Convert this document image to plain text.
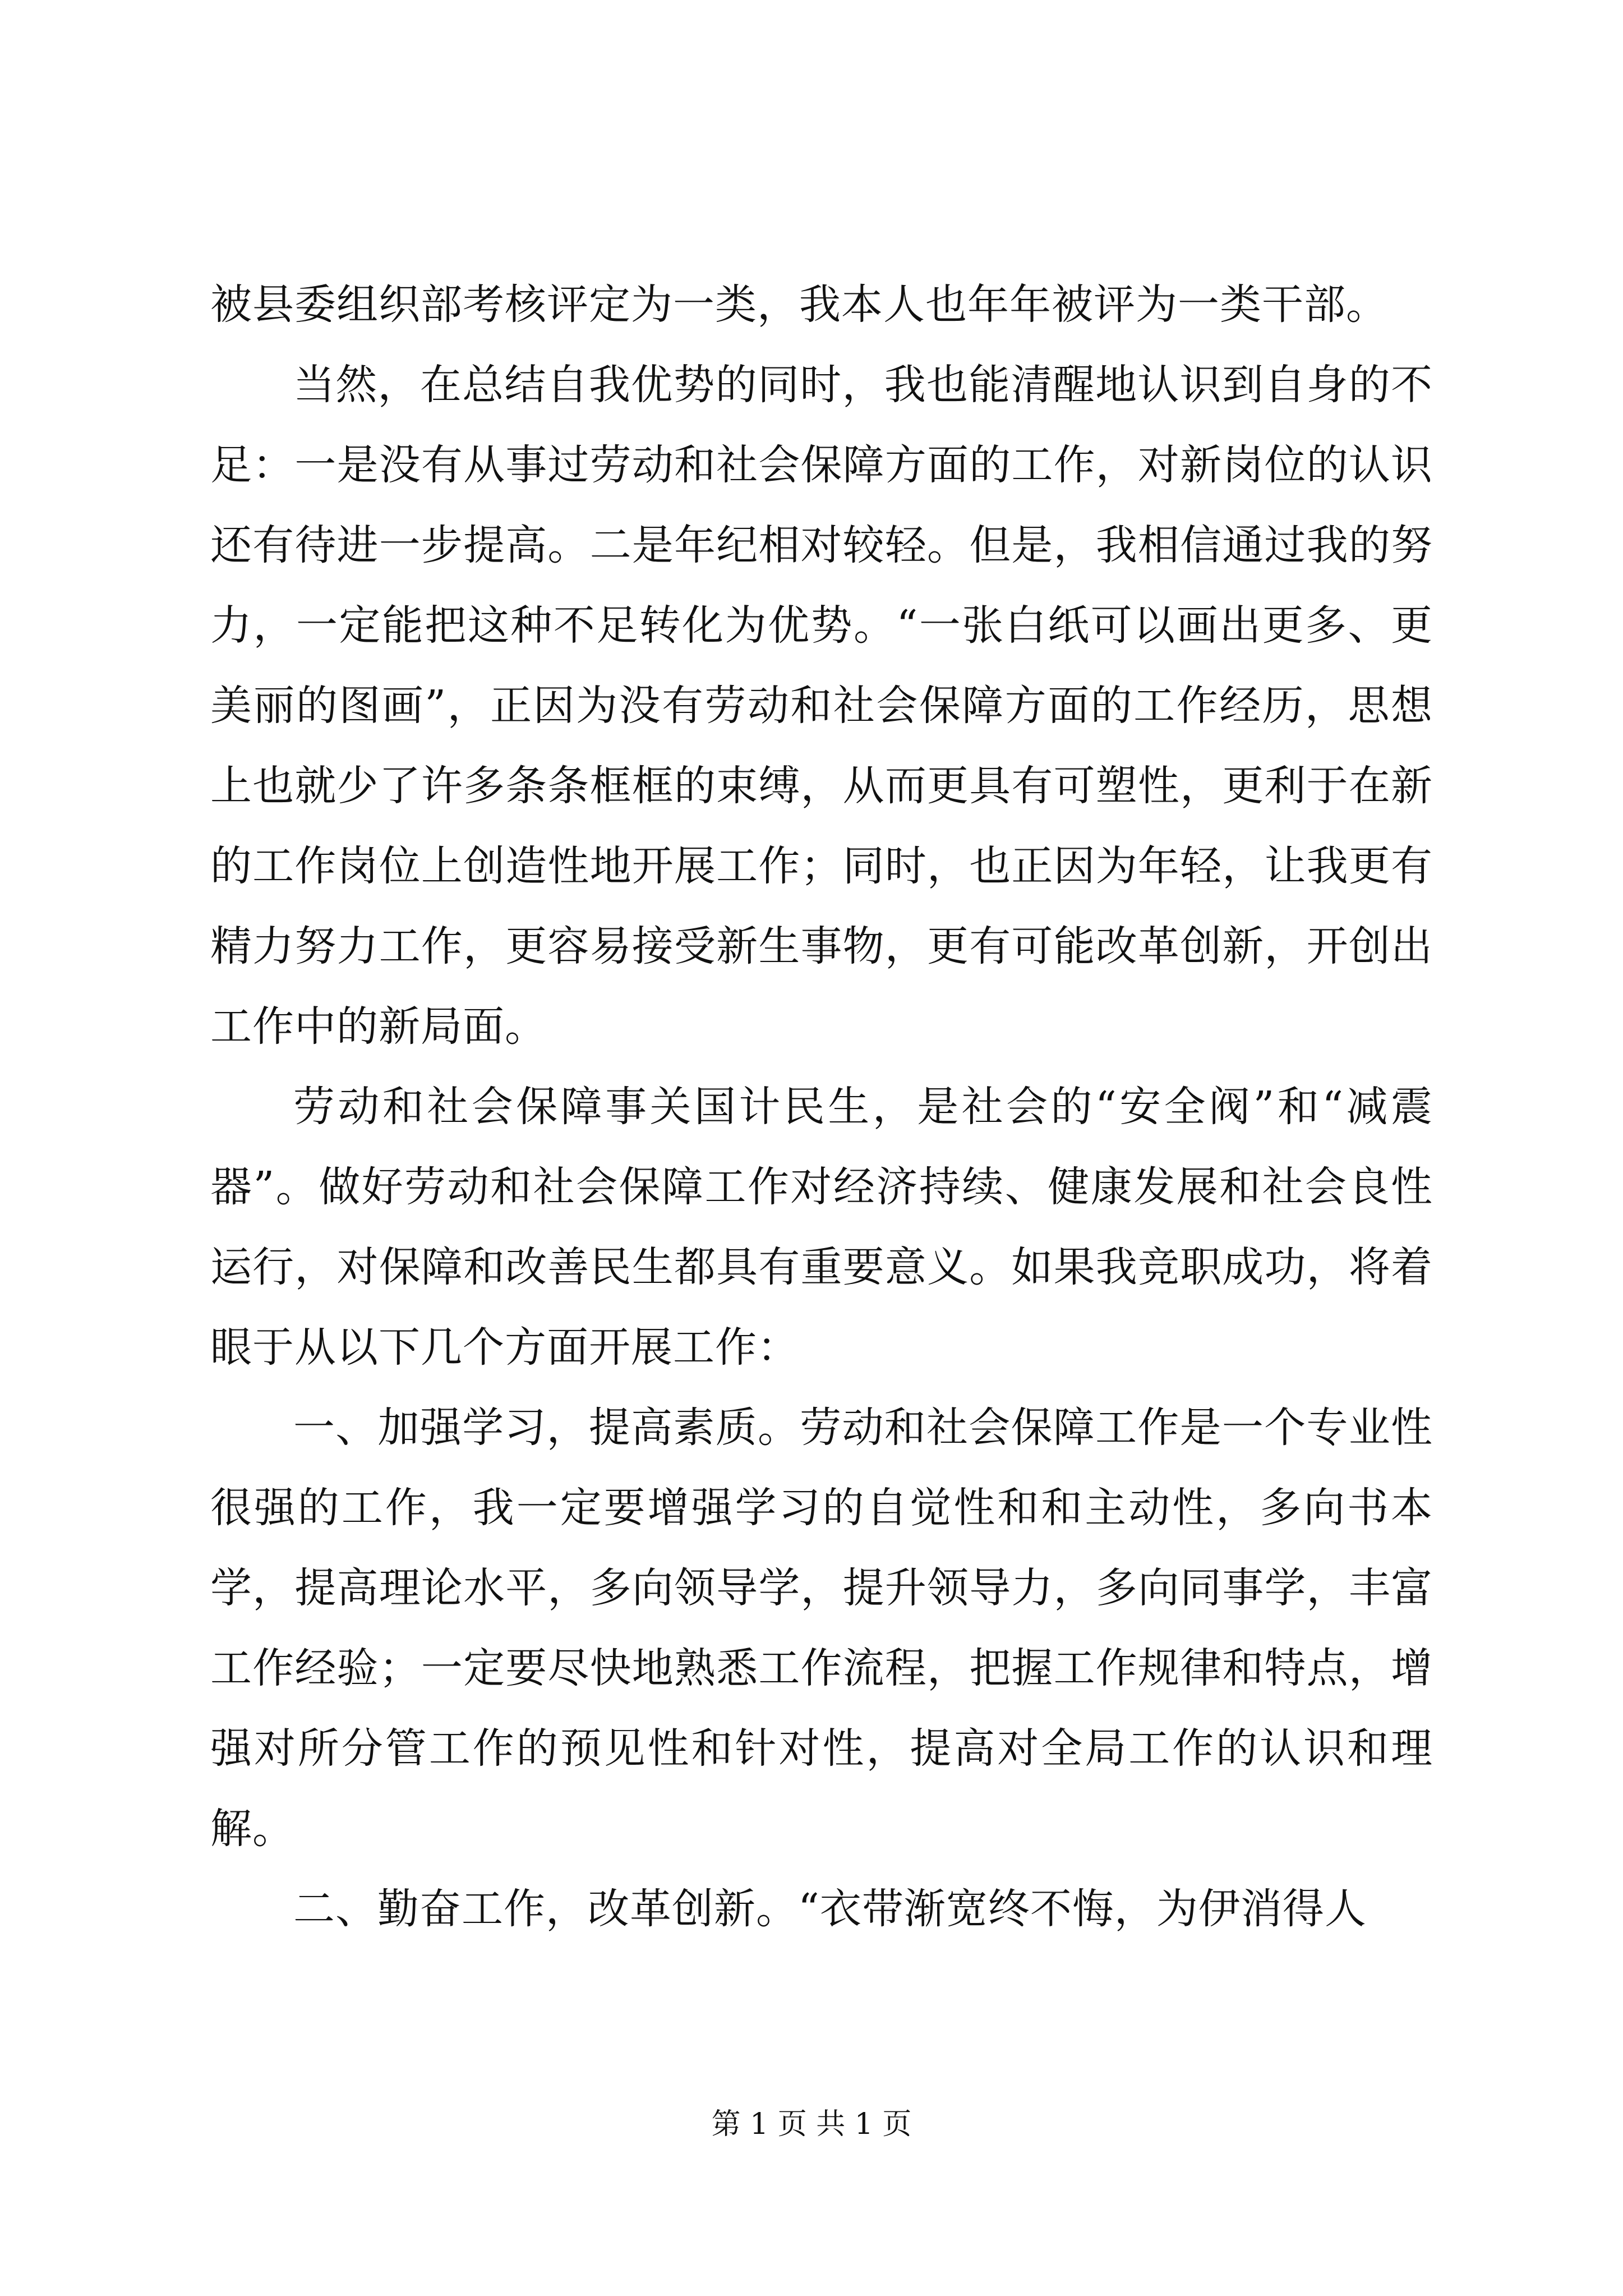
被县委组织部考核评定为一类，我本人也年年被评为一类干部。

当然，在总结自我优势的同时，我也能清醒地认识到自身的不足：一是没有从事过劳动和社会保障方面的工作，对新岗位的认识还有待进一步提高。二是年纪相对较轻。但是，我相信通过我的努力，一定能把这种不足转化为优势。“一张白纸可以画出更多、更美丽的图画”，正因为没有劳动和社会保障方面的工作经历，思想上也就少了许多条条框框的束缚，从而更具有可塑性，更利于在新的工作岗位上创造性地开展工作；同时，也正因为年轻，让我更有精力努力工作，更容易接受新生事物，更有可能改革创新，开创出工作中的新局面。

劳动和社会保障事关国计民生，是社会的“安全阀”和“减震器”。做好劳动和社会保障工作对经济持续、健康发展和社会良性运行，对保障和改善民生都具有重要意义。如果我竞职成功，将着眼于从以下几个方面开展工作：

一、加强学习，提高素质。劳动和社会保障工作是一个专业性很强的工作，我一定要增强学习的自觉性和和主动性，多向书本学，提高理论水平，多向领导学，提升领导力，多向同事学，丰富工作经验；一定要尽快地熟悉工作流程，把握工作规律和特点，增强对所分管工作的预见性和针对性，提高对全局工作的认识和理解。

二、勤奋工作，改革创新。“衣带渐宽终不悔，为伊消得人

第 1 页 共 1 页
